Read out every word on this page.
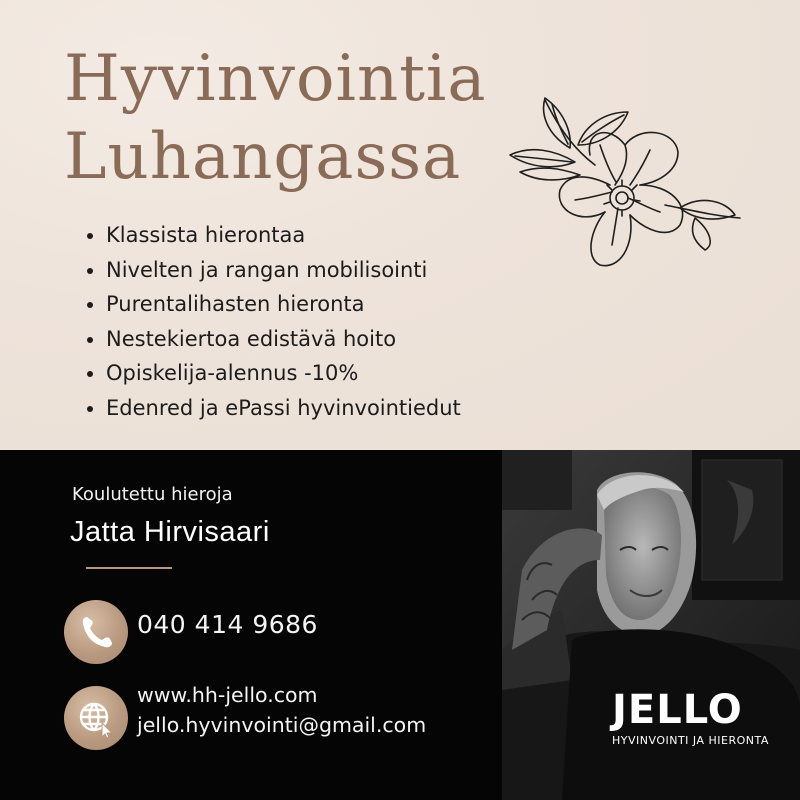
Hyvinvointia
Luhangassa
• Klassista hierontaa
• Nivelten ja rangan mobilisointi
• Purentalihasten hieronta
• Nestekiertoa edistävä hoito
• Opiskelija-alennus -10%
• Edenred ja ePassi hyvinvointiedut
Koulutettu hieroja
Jatta Hirvisaari
040 414 9686
www.hh-jello.com
jello.hyvinvointi@gmail.com	JELLO
HYVINVOINTI JA HIERONTA
